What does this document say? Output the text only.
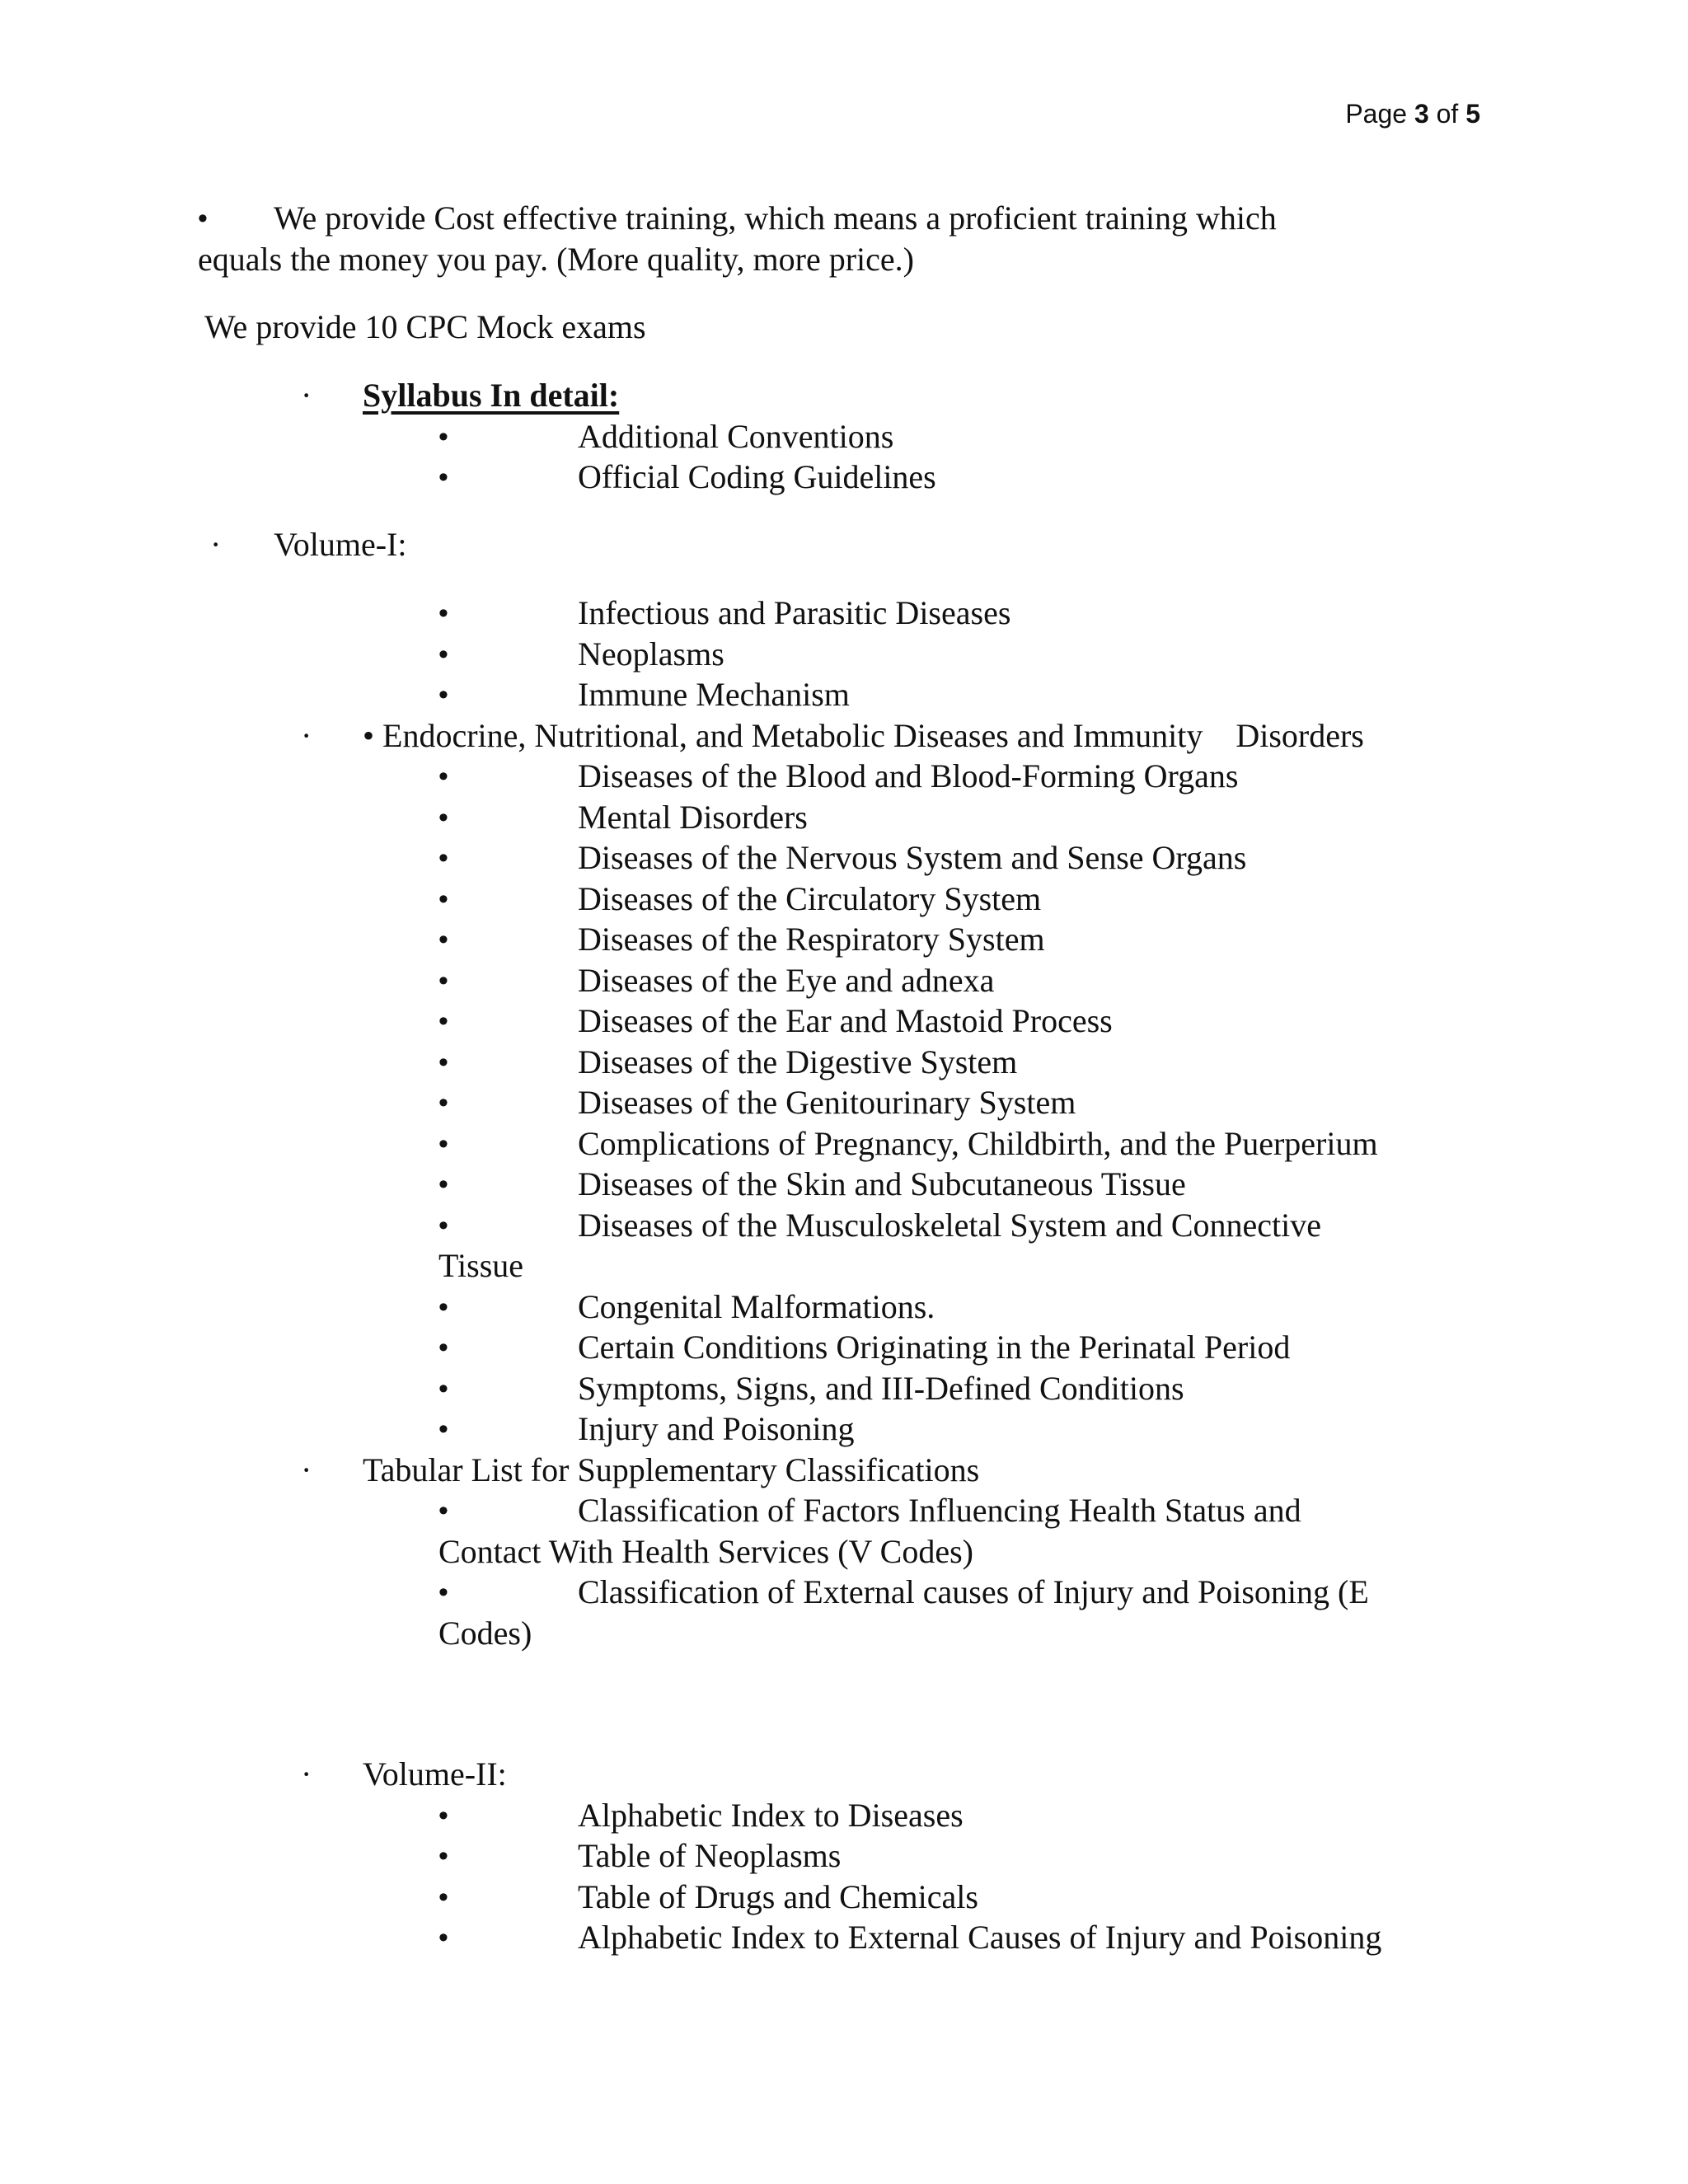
Page 3 of 5
• We provide Cost effective training, which means a proficient training which
equals the money you pay. (More quality, more price.)
We provide 10 CPC Mock exams
· Syllabus In detail:
•	Additional Conventions
•	Official Coding Guidelines
· Volume-I:
•	Infectious and Parasitic Diseases
•	Neoplasms
•	Immune Mechanism
· • Endocrine, Nutritional, and Metabolic Diseases and Immunity    Disorders
•	Diseases of the Blood and Blood-Forming Organs
•	Mental Disorders
•	Diseases of the Nervous System and Sense Organs
•	Diseases of the Circulatory System
•	Diseases of the Respiratory System
•	Diseases of the Eye and adnexa
•	Diseases of the Ear and Mastoid Process
•	Diseases of the Digestive System
•	Diseases of the Genitourinary System
•	Complications of Pregnancy, Childbirth, and the Puerperium
•	Diseases of the Skin and Subcutaneous Tissue
•	Diseases of the Musculoskeletal System and Connective
Tissue
•	Congenital Malformations.
•	Certain Conditions Originating in the Perinatal Period
•	Symptoms, Signs, and III-Defined Conditions
•	Injury and Poisoning
· Tabular List for Supplementary Classifications
•	Classification of Factors Influencing Health Status and
Contact With Health Services (V Codes)
•	Classification of External causes of Injury and Poisoning (E
Codes)
· Volume-II:
•	Alphabetic Index to Diseases
•	Table of Neoplasms
•	Table of Drugs and Chemicals
•	Alphabetic Index to External Causes of Injury and Poisoning
